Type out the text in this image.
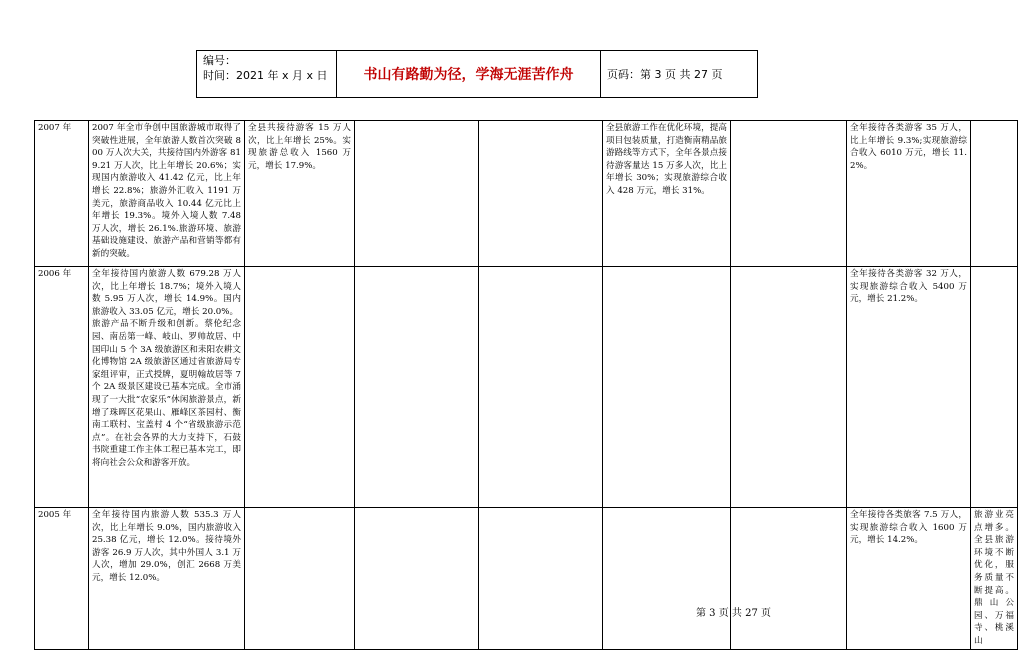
编号：
时间：2021 年 x 月 x 日	书山有路勤为径，学海无涯苦作舟	页码：第 3 页 共 27 页
2007 年	2007 年全市争创中国旅游城市取得了突破性进展，全年旅游人数首次突破 800 万人次大关，共接待国内外游客 819.21 万人次，比上年增长 20.6%；实现国内旅游收入 41.42 亿元，比上年增长 22.8%；旅游外汇收入 1191 万美元，旅游商品收入 10.44 亿元比上年增长 19.3%。境外入境人数 7.48 万人次，增长 26.1%.旅游环境、旅游基础设施建设、旅游产品和营销等都有新的突破。	全县共接待游客 15 万人次，比上年增长 25%。实现旅游总收入 1560 万元，增长 17.9%。			全县旅游工作在优化环境，提高项目包装质量，打造衡南精品旅游路线等方式下，全年各景点接待游客量达 15 万多人次，比上年增长 30%；实现旅游综合收入 428 万元，增长 31%。		全年接待各类游客 35 万人，比上年增长 9.3%;实现旅游综合收入 6010 万元，增长 11.2%。	
2006 年	全年接待国内旅游人数 679.28 万人次，比上年增长 18.7%；境外入境人数 5.95 万人次，增长 14.9%。国内旅游收入 33.05 亿元，增长 20.0%。

旅游产品不断升级和创新。蔡伦纪念园、南岳第一峰、岐山、罗帅故居、中国印山 5 个 3A 级旅游区和耒阳农耕文化博物馆 2A 级旅游区通过省旅游局专家组评审，正式授牌，夏明翰故居等 7 个 2A 级景区建设已基本完成。全市涌现了一大批“农家乐”休闲旅游景点，新增了珠晖区花果山、雁峰区茶园村、衡南工联村、宝盖村 4 个“省级旅游示范点”。在社会各界的大力支持下，石鼓书院重建工作主体工程已基本完工，即将向社会公众和游客开放。						全年接待各类游客 32 万人，实现旅游综合收入 5400 万元，增长 21.2%。	
2005 年	全年接待国内旅游人数 535.3 万人次，比上年增长 9.0%，国内旅游收入 25.38 亿元，增长 12.0%。接待境外游客 26.9 万人次，其中外国人 3.1 万人次，增加 29.0%，创汇 2668 万美元，增长 12.0%。						全年接待各类旅客 7.5 万人，实现旅游综合收入 1600 万元，增长 14.2%。	旅游业亮点增多。全县旅游环境不断优化，服务质量不断提高。鼎山公园、万福寺、桃溪山
第 3 页 共 27 页
